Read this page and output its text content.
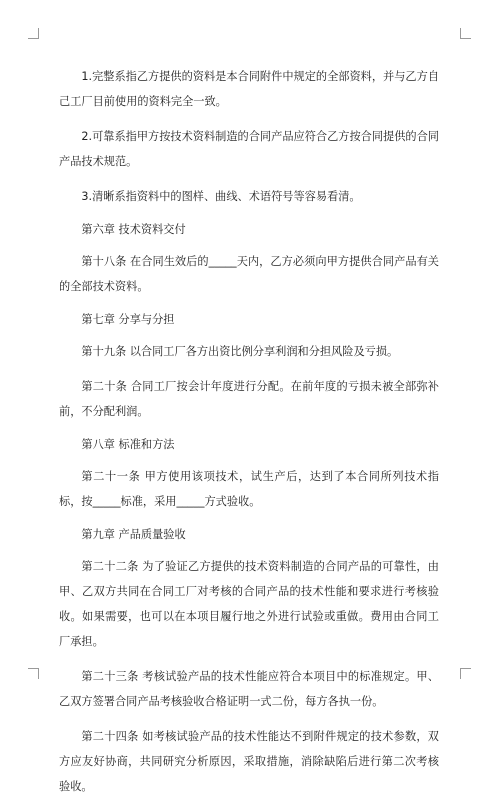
1.完整系指乙方提供的资料是本合同附件中规定的全部资料，并与乙方自己工厂目前使用的资料完全一致。

2.可靠系指甲方按技术资料制造的合同产品应符合乙方按合同提供的合同产品技术规范。

3.清晰系指资料中的图样、曲线、术语符号等容易看清。

第六章 技术资料交付

第十八条 在合同生效后的_____天内，乙方必须向甲方提供合同产品有关的全部技术资料。

第七章 分享与分担

第十九条 以合同工厂各方出资比例分享利润和分担风险及亏损。

第二十条 合同工厂按会计年度进行分配。在前年度的亏损未被全部弥补前，不分配利润。

第八章 标准和方法

第二十一条 甲方使用该项技术，试生产后，达到了本合同所列技术指标，按_____标准，采用_____方式验收。

第九章 产品质量验收

第二十二条 为了验证乙方提供的技术资料制造的合同产品的可靠性，由甲、乙双方共同在合同工厂对考核的合同产品的技术性能和要求进行考核验收。如果需要，也可以在本项目履行地之外进行试验或重做。费用由合同工厂承担。

第二十三条 考核试验产品的技术性能应符合本项目中的标准规定。甲、乙双方签署合同产品考核验收合格证明一式二份，每方各执一份。

第二十四条 如考核试验产品的技术性能达不到附件规定的技术参数，双方应友好协商，共同研究分析原因，采取措施，消除缺陷后进行第二次考核验收。
